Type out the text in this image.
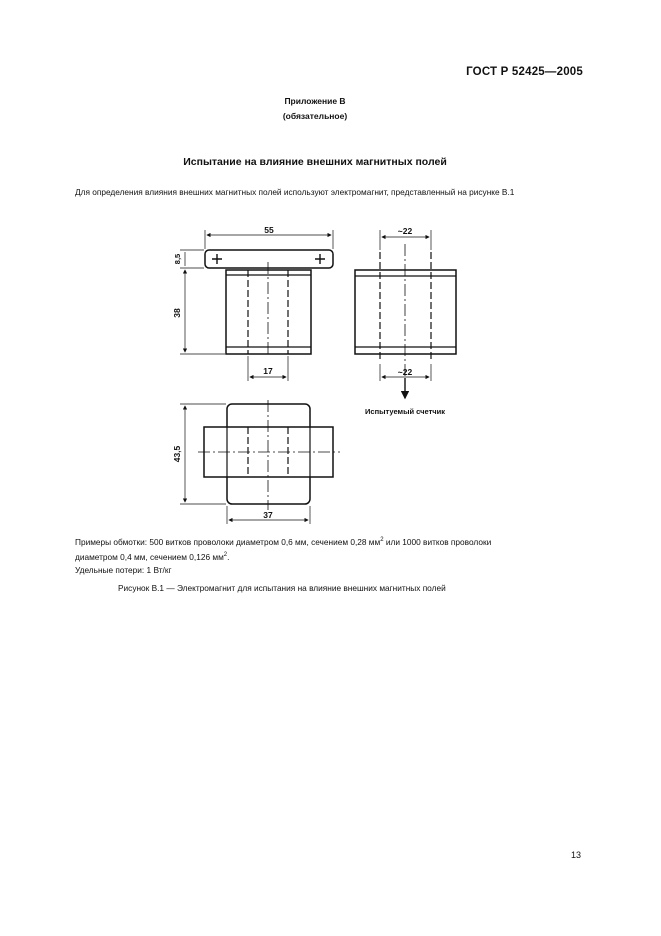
ГОСТ Р 52425—2005
Приложение В
(обязательное)
Испытание на влияние внешних магнитных полей
Для определения влияния внешних магнитных полей используют электромагнит, представленный на рисунке В.1
55
8,5
38
17
~22
~22
43,5
37
Испытуемый счетчик
Примеры обмотки: 500 витков проволоки диаметром 0,6 мм, сечением 0,28 $мм^2$ или 1000 витков проволоки
диаметром 0,4 мм, сечением 0,126 $мм^2$.
Удельные потери: 1 Вт/кг
Рисунок В.1 — Электромагнит для испытания на влияние внешних магнитных полей
13
